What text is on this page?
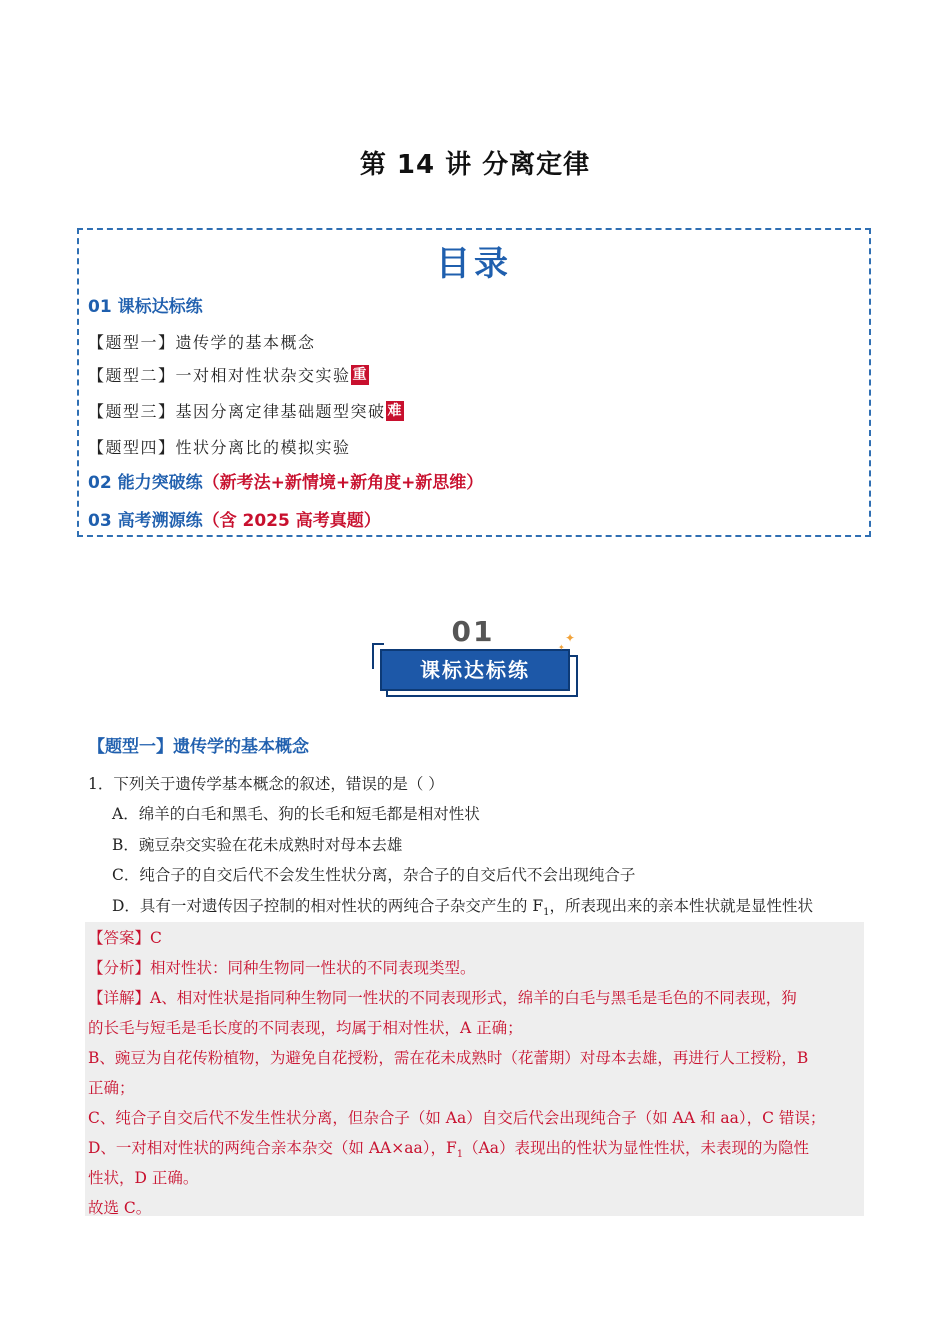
第 14 讲 分离定律
目录
01 课标达标练
【题型一】遗传学的基本概念
【题型二】一对相对性状杂交实验 重
【题型三】基因分离定律基础题型突破 难
【题型四】性状分离比的模拟实验
02 能力突破练（新考法+新情境+新角度+新思维）
03 高考溯源练（含 2025 高考真题）
01
课标达标练
✦
✦
【题型一】遗传学的基本概念
1．下列关于遗传学基本概念的叙述，错误的是（ ）
A．绵羊的白毛和黑毛、狗的长毛和短毛都是相对性状
B．豌豆杂交实验在花未成熟时对母本去雄
C．纯合子的自交后代不会发生性状分离，杂合子的自交后代不会出现纯合子
D．具有一对遗传因子控制的相对性状的两纯合子杂交产生的 $F_1$，所表现出来的亲本性状就是显性性状
【答案】C
【分析】相对性状：同种生物同一性状的不同表现类型。
【详解】A、相对性状是指同种生物同一性状的不同表现形式，绵羊的白毛与黑毛是毛色的不同表现，狗
的长毛与短毛是毛长度的不同表现，均属于相对性状，A 正确；
B、豌豆为自花传粉植物，为避免自花授粉，需在花未成熟时（花蕾期）对母本去雄，再进行人工授粉，B
正确；
C、纯合子自交后代不发生性状分离，但杂合子（如 Aa）自交后代会出现纯合子（如 AA 和 aa），C 错误；
D、一对相对性状的两纯合亲本杂交（如 AA×aa），$F_1(Aa)$表现出的性状为显性性状，未表现的为隐性
性状，D 正确。
故选 C。
